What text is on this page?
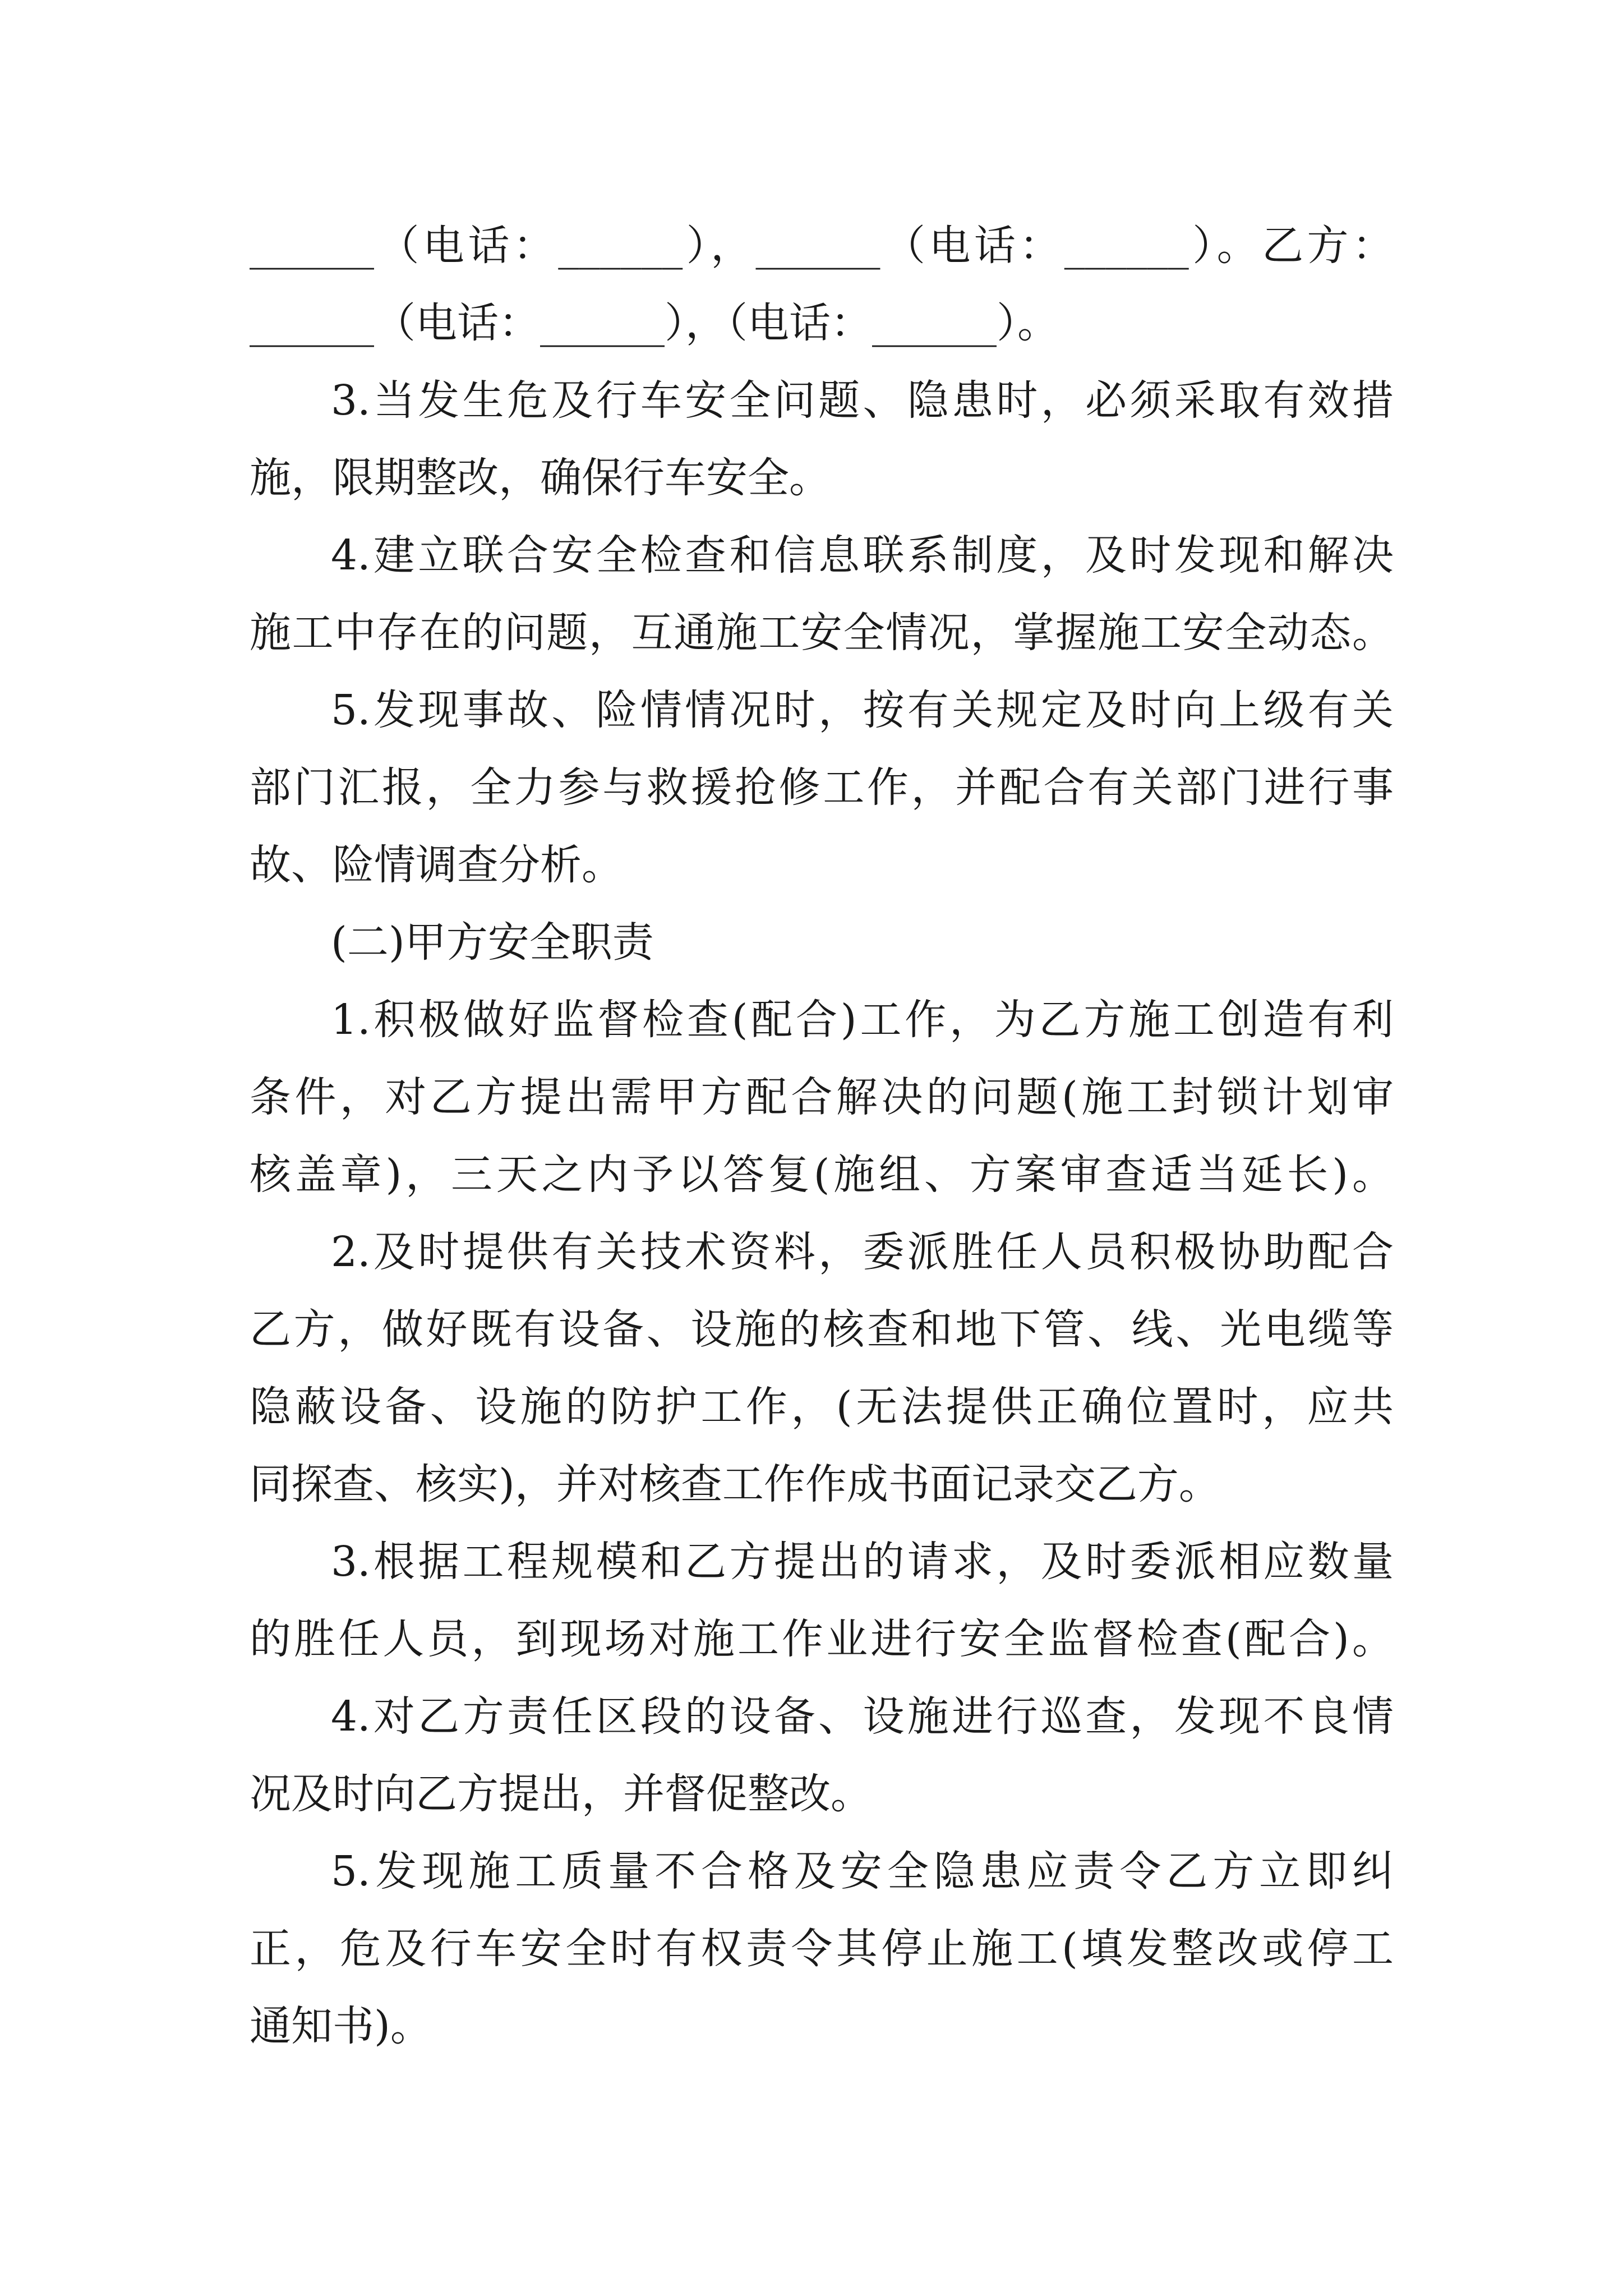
______（电话：______），______（电话：______）。乙方：
______（电话：______），（电话：______）。
3.当发生危及行车安全问题、隐患时，必须采取有效措
施，限期整改，确保行车安全。
4.建立联合安全检查和信息联系制度，及时发现和解决
施工中存在的问题，互通施工安全情况，掌握施工安全动态。
5.发现事故、险情情况时，按有关规定及时向上级有关
部门汇报，全力参与救援抢修工作，并配合有关部门进行事
故、险情调查分析。
(二)甲方安全职责
1.积极做好监督检查(配合)工作，为乙方施工创造有利
条件，对乙方提出需甲方配合解决的问题(施工封锁计划审
核盖章)，三天之内予以答复(施组、方案审查适当延长)。
2.及时提供有关技术资料，委派胜任人员积极协助配合
乙方，做好既有设备、设施的核查和地下管、线、光电缆等
隐蔽设备、设施的防护工作，(无法提供正确位置时，应共
同探查、核实)，并对核查工作作成书面记录交乙方。
3.根据工程规模和乙方提出的请求，及时委派相应数量
的胜任人员，到现场对施工作业进行安全监督检查(配合)。
4.对乙方责任区段的设备、设施进行巡查，发现不良情
况及时向乙方提出，并督促整改。
5.发现施工质量不合格及安全隐患应责令乙方立即纠
正，危及行车安全时有权责令其停止施工(填发整改或停工
通知书)。
